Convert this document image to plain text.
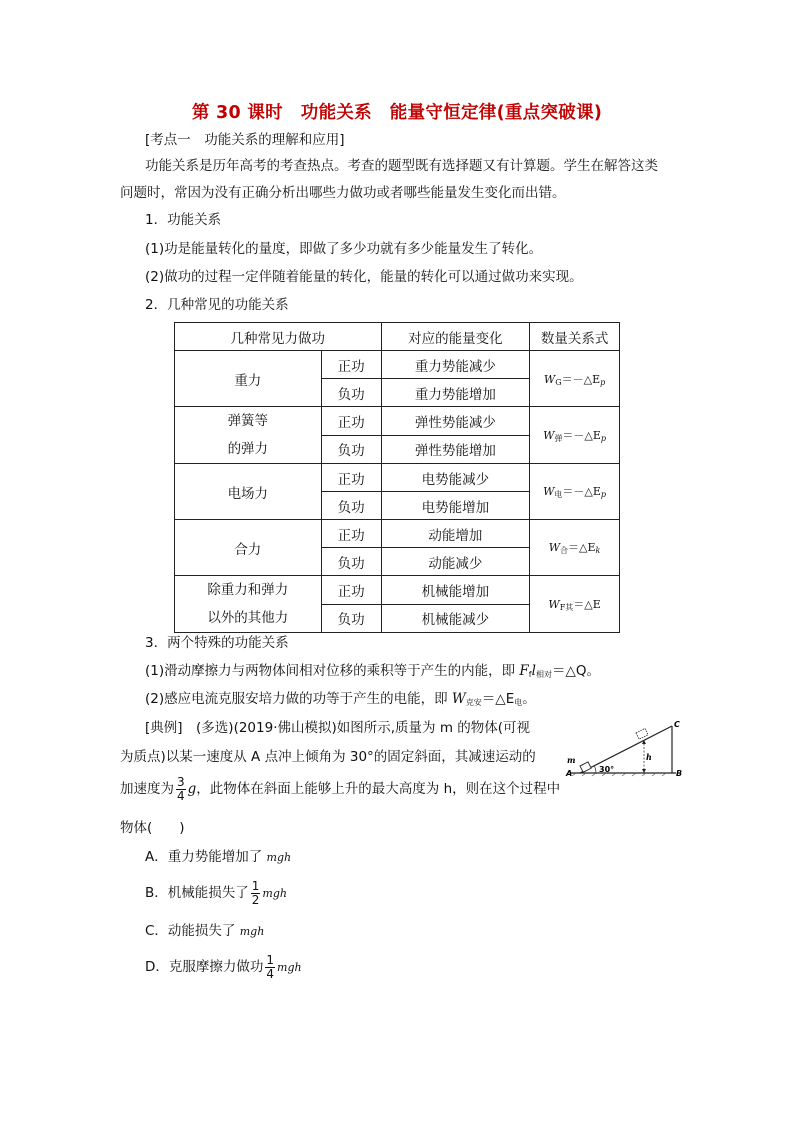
第 30 课时　功能关系　能量守恒定律(重点突破课)
[考点一　功能关系的理解和应用]
功能关系是历年高考的考查热点。考查的题型既有选择题又有计算题。学生在解答这类
问题时，常因为没有正确分析出哪些力做功或者哪些能量发生变化而出错。
1．功能关系
(1)功是能量转化的量度，即做了多少功就有多少能量发生了转化。
(2)做功的过程一定伴随着能量的转化，能量的转化可以通过做功来实现。
2．几种常见的功能关系
几种常见力做功		对应的能量变化	数量关系式
重力	正功	重力势能减少	$W_G=-\triangle E_p$
	负功	重力势能增加	
弹簧等
的弹力	正功	弹性势能减少	$W_弹=-\triangle E_p$
	负功	弹性势能增加	
电场力	正功	电势能减少	$W_电=-\triangle E_p$
	负功	电势能增加	
合力	正功	动能增加	$W_合=\triangle E_k$
	负功	动能减少	
除重力和弹力
以外的其他力	正功	机械能增加	$W_{F其}=\triangle E$
	负功	机械能减少	
3．两个特殊的功能关系
(1)滑动摩擦力与两物体间相对位移的乘积等于产生的内能，即 $F_fl_{相对}=\triangle Q$。
(2)感应电流克服安培力做的功等于产生的电能，即 $W_{克安}=\triangle E_电$。
[典例]　(多选)(2019·佛山模拟)如图所示,质量为 m 的物体(可视
为质点)以某一速度从 A 点冲上倾角为 30°的固定斜面，其减速运动的
加速度为 $\frac{3}{4}$ g，此物体在斜面上能够上升的最大高度为 h，则在这个过程中
物体(　　)
m
A	B
C
h
30°
A．重力势能增加了 mgh
B．机械能损失了 $\frac{1}{2}$ mgh
C．动能损失了 mgh
D．克服摩擦力做功 $\frac{1}{4}$ mgh
